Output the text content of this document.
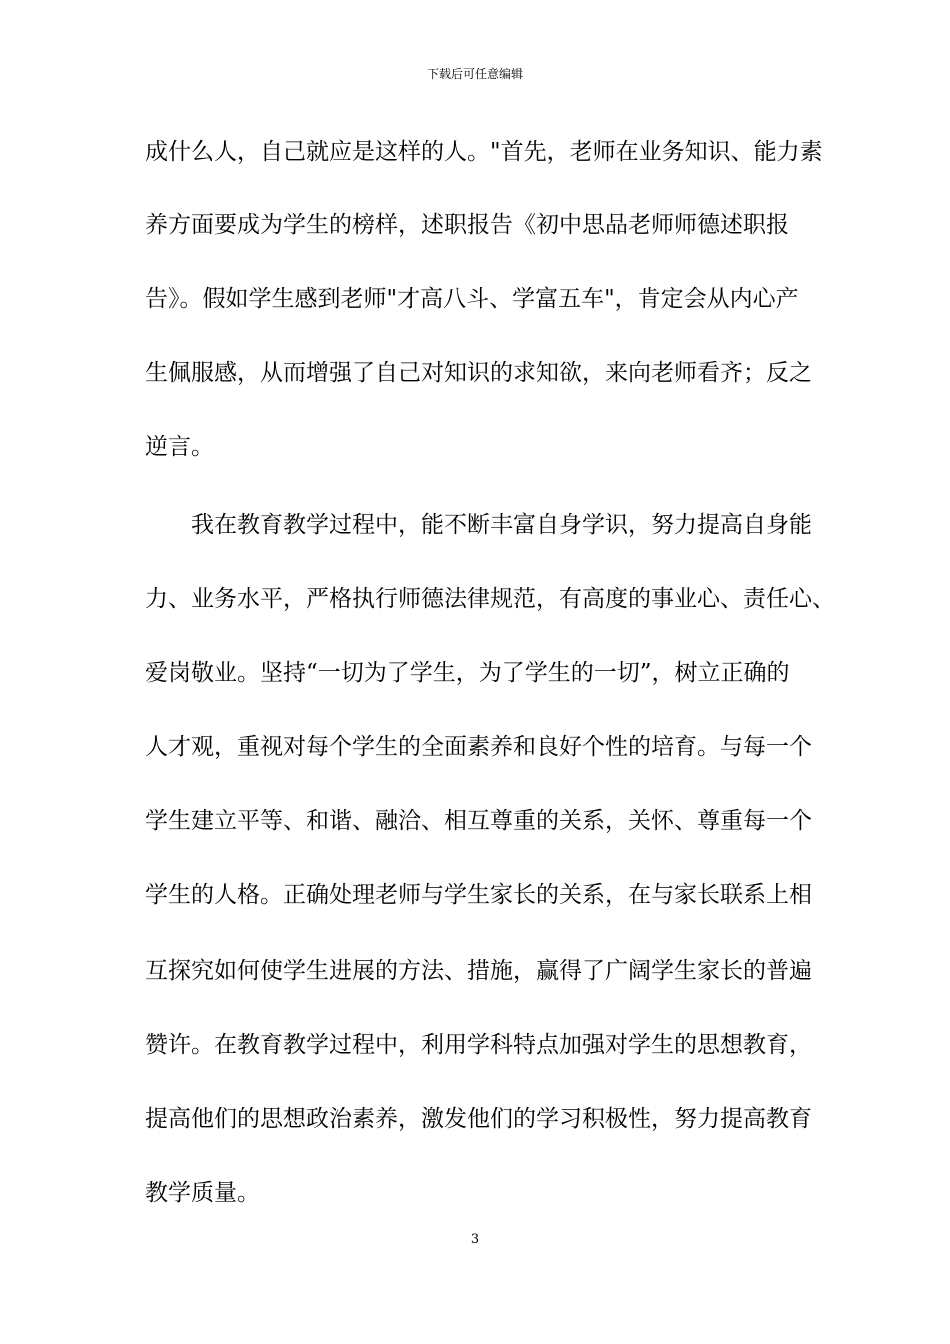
下载后可任意编辑
成什么人，自己就应是这样的人。"首先，老师在业务知识、能力素
养方面要成为学生的榜样，述职报告《初中思品老师师德述职报
告》。假如学生感到老师"才高八斗、学富五车"，肯定会从内心产
生佩服感，从而增强了自己对知识的求知欲，来向老师看齐；反之
逆言。
我在教育教学过程中，能不断丰富自身学识，努力提高自身能
力、业务水平，严格执行师德法律规范，有高度的事业心、责任心、
爱岗敬业。坚持“一切为了学生，为了学生的一切”，树立正确的
人才观，重视对每个学生的全面素养和良好个性的培育。与每一个
学生建立平等、和谐、融洽、相互尊重的关系，关怀、尊重每一个
学生的人格。正确处理老师与学生家长的关系，在与家长联系上相
互探究如何使学生进展的方法、措施，赢得了广阔学生家长的普遍
赞许。在教育教学过程中，利用学科特点加强对学生的思想教育，
提高他们的思想政治素养，激发他们的学习积极性，努力提高教育
教学质量。
3
